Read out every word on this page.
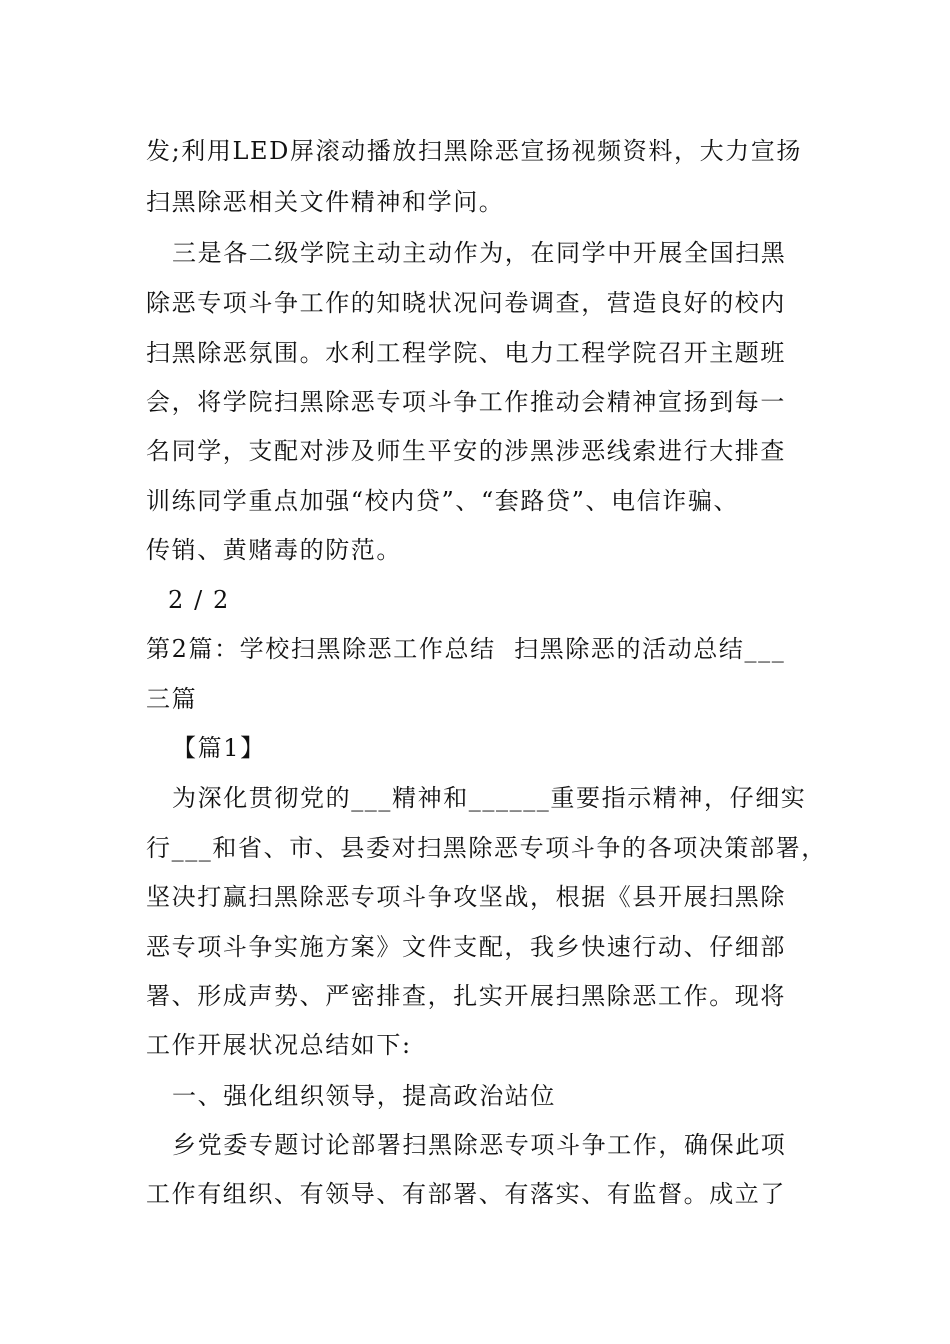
发;利用LED屏滚动播放扫黑除恶宣扬视频资料，大力宣扬
扫黑除恶相关文件精神和学问。
三是各二级学院主动主动作为，在同学中开展全国扫黑
除恶专项斗争工作的知晓状况问卷调查，营造良好的校内
扫黑除恶氛围。水利工程学院、电力工程学院召开主题班
会，将学院扫黑除恶专项斗争工作推动会精神宣扬到每一
名同学，支配对涉及师生平安的涉黑涉恶线索进行大排查
训练同学重点加强“校内贷”、“套路贷”、电信诈骗、
传销、黄赌毒的防范。
2 / 2
第2篇：学校扫黑除恶工作总结  扫黑除恶的活动总结___
三篇
【篇1】
为深化贯彻党的___精神和______重要指示精神，仔细实
行___和省、市、县委对扫黑除恶专项斗争的各项决策部署，
坚决打赢扫黑除恶专项斗争攻坚战，根据《县开展扫黑除
恶专项斗争实施方案》文件支配，我乡快速行动、仔细部
署、形成声势、严密排查，扎实开展扫黑除恶工作。现将
工作开展状况总结如下:
一、强化组织领导，提高政治站位
乡党委专题讨论部署扫黑除恶专项斗争工作，确保此项
工作有组织、有领导、有部署、有落实、有监督。成立了
